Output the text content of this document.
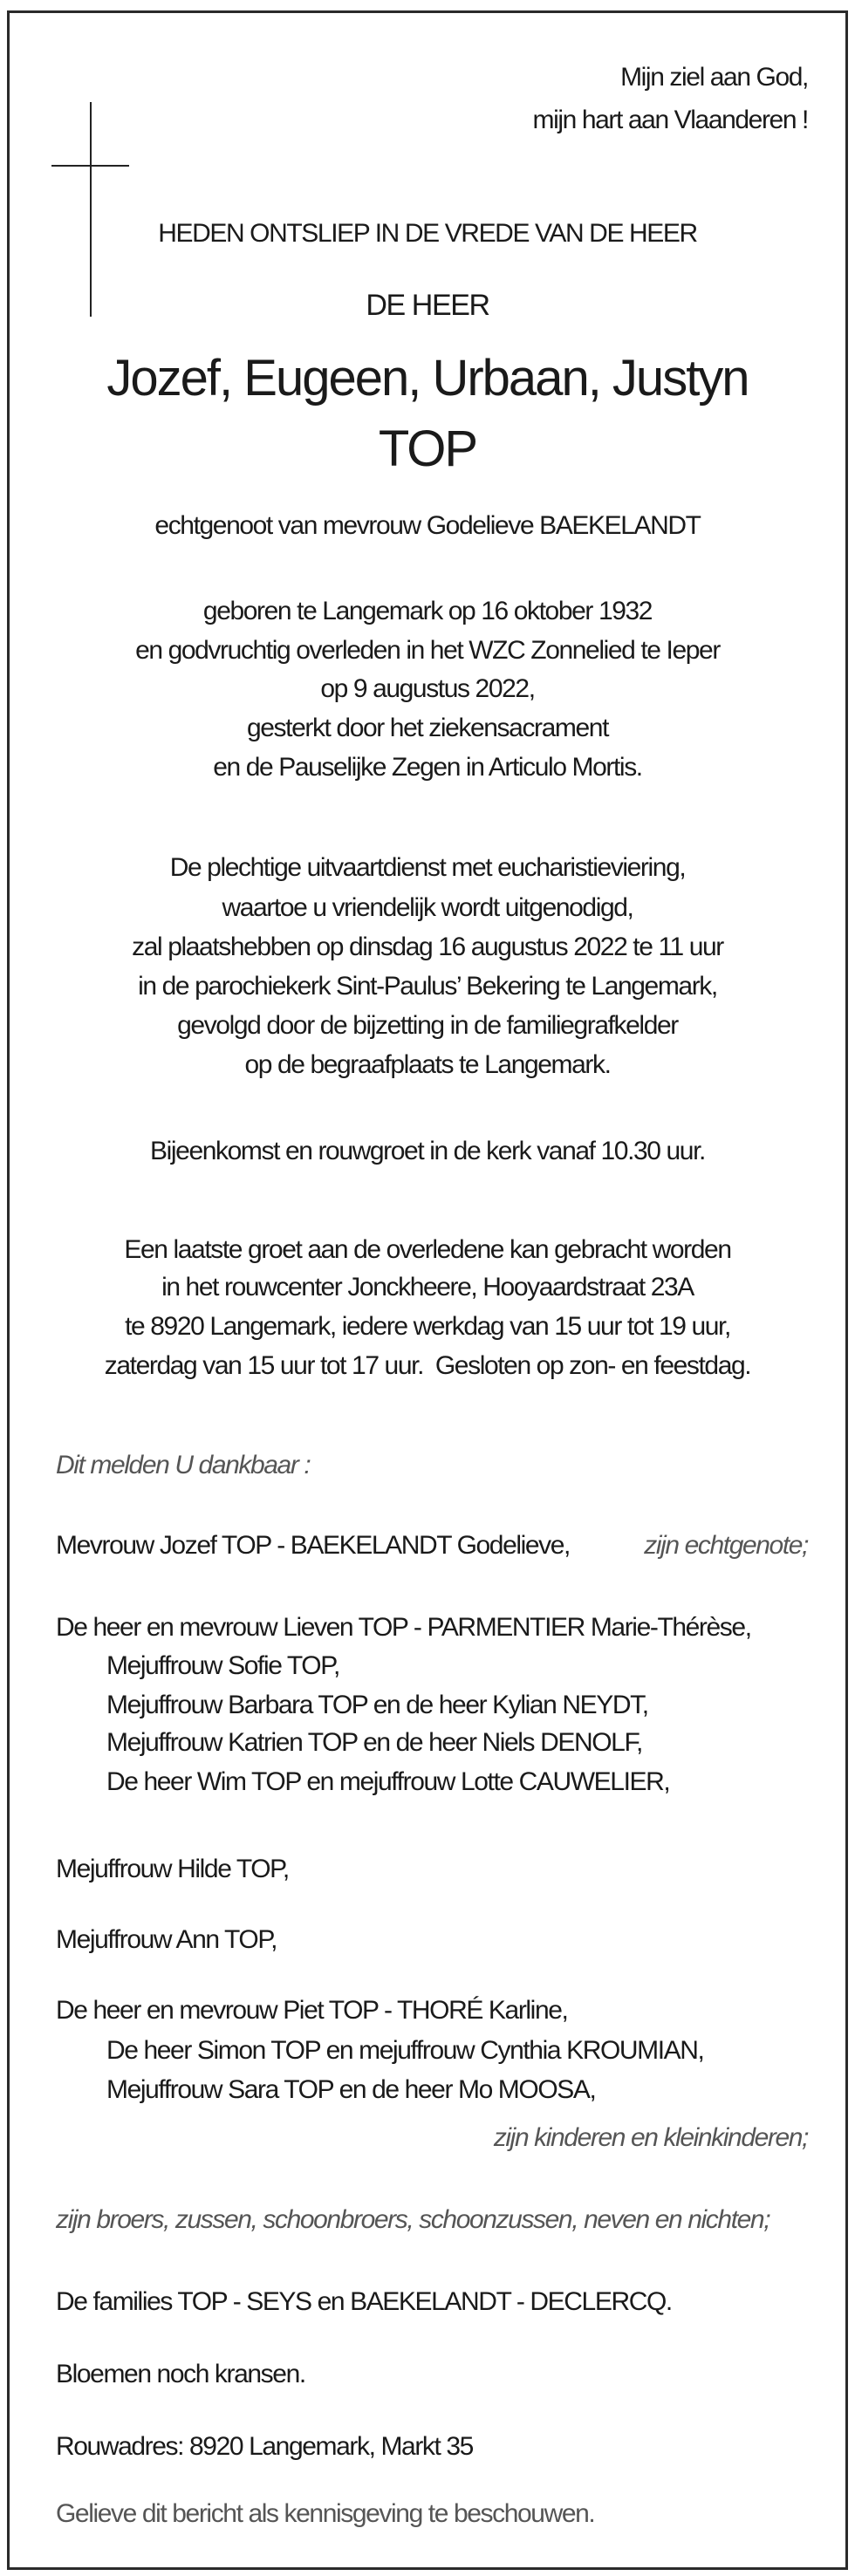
Mijn ziel aan God,
mijn hart aan Vlaanderen !
HEDEN ONTSLIEP IN DE VREDE VAN DE HEER
DE HEER
Jozef, Eugeen, Urbaan, Justyn
TOP
echtgenoot van mevrouw Godelieve BAEKELANDT
geboren te Langemark op 16 oktober 1932
en godvruchtig overleden in het WZC Zonnelied te Ieper
op 9 augustus 2022,
gesterkt door het ziekensacrament
en de Pauselijke Zegen in Articulo Mortis.
De plechtige uitvaartdienst met eucharistieviering,
waartoe u vriendelijk wordt uitgenodigd,
zal plaatshebben op dinsdag 16 augustus 2022 te 11 uur
in de parochiekerk Sint-Paulus’ Bekering te Langemark,
gevolgd door de bijzetting in de familiegrafkelder
op de begraafplaats te Langemark.
Bijeenkomst en rouwgroet in de kerk vanaf 10.30 uur.
Een laatste groet aan de overledene kan gebracht worden
in het rouwcenter Jonckheere, Hooyaardstraat 23A
te 8920 Langemark, iedere werkdag van 15 uur tot 19 uur,
zaterdag van 15 uur tot 17 uur.  Gesloten op zon- en feestdag.
Dit melden U dankbaar :
Mevrouw Jozef TOP - BAEKELANDT Godelieve,	zijn echtgenote;
De heer en mevrouw Lieven TOP - PARMENTIER Marie-Thérèse,
Mejuffrouw Sofie TOP,
Mejuffrouw Barbara TOP en de heer Kylian NEYDT,
Mejuffrouw Katrien TOP en de heer Niels DENOLF,
De heer Wim TOP en mejuffrouw Lotte CAUWELIER,
Mejuffrouw Hilde TOP,
Mejuffrouw Ann TOP,
De heer en mevrouw Piet TOP - THORÉ Karline,
De heer Simon TOP en mejuffrouw Cynthia KROUMIAN,
Mejuffrouw Sara TOP en de heer Mo MOOSA,
zijn kinderen en kleinkinderen;
zijn broers, zussen, schoonbroers, schoonzussen, neven en nichten;
De families TOP - SEYS en BAEKELANDT - DECLERCQ.
Bloemen noch kransen.
Rouwadres: 8920 Langemark, Markt 35
Gelieve dit bericht als kennisgeving te beschouwen.
